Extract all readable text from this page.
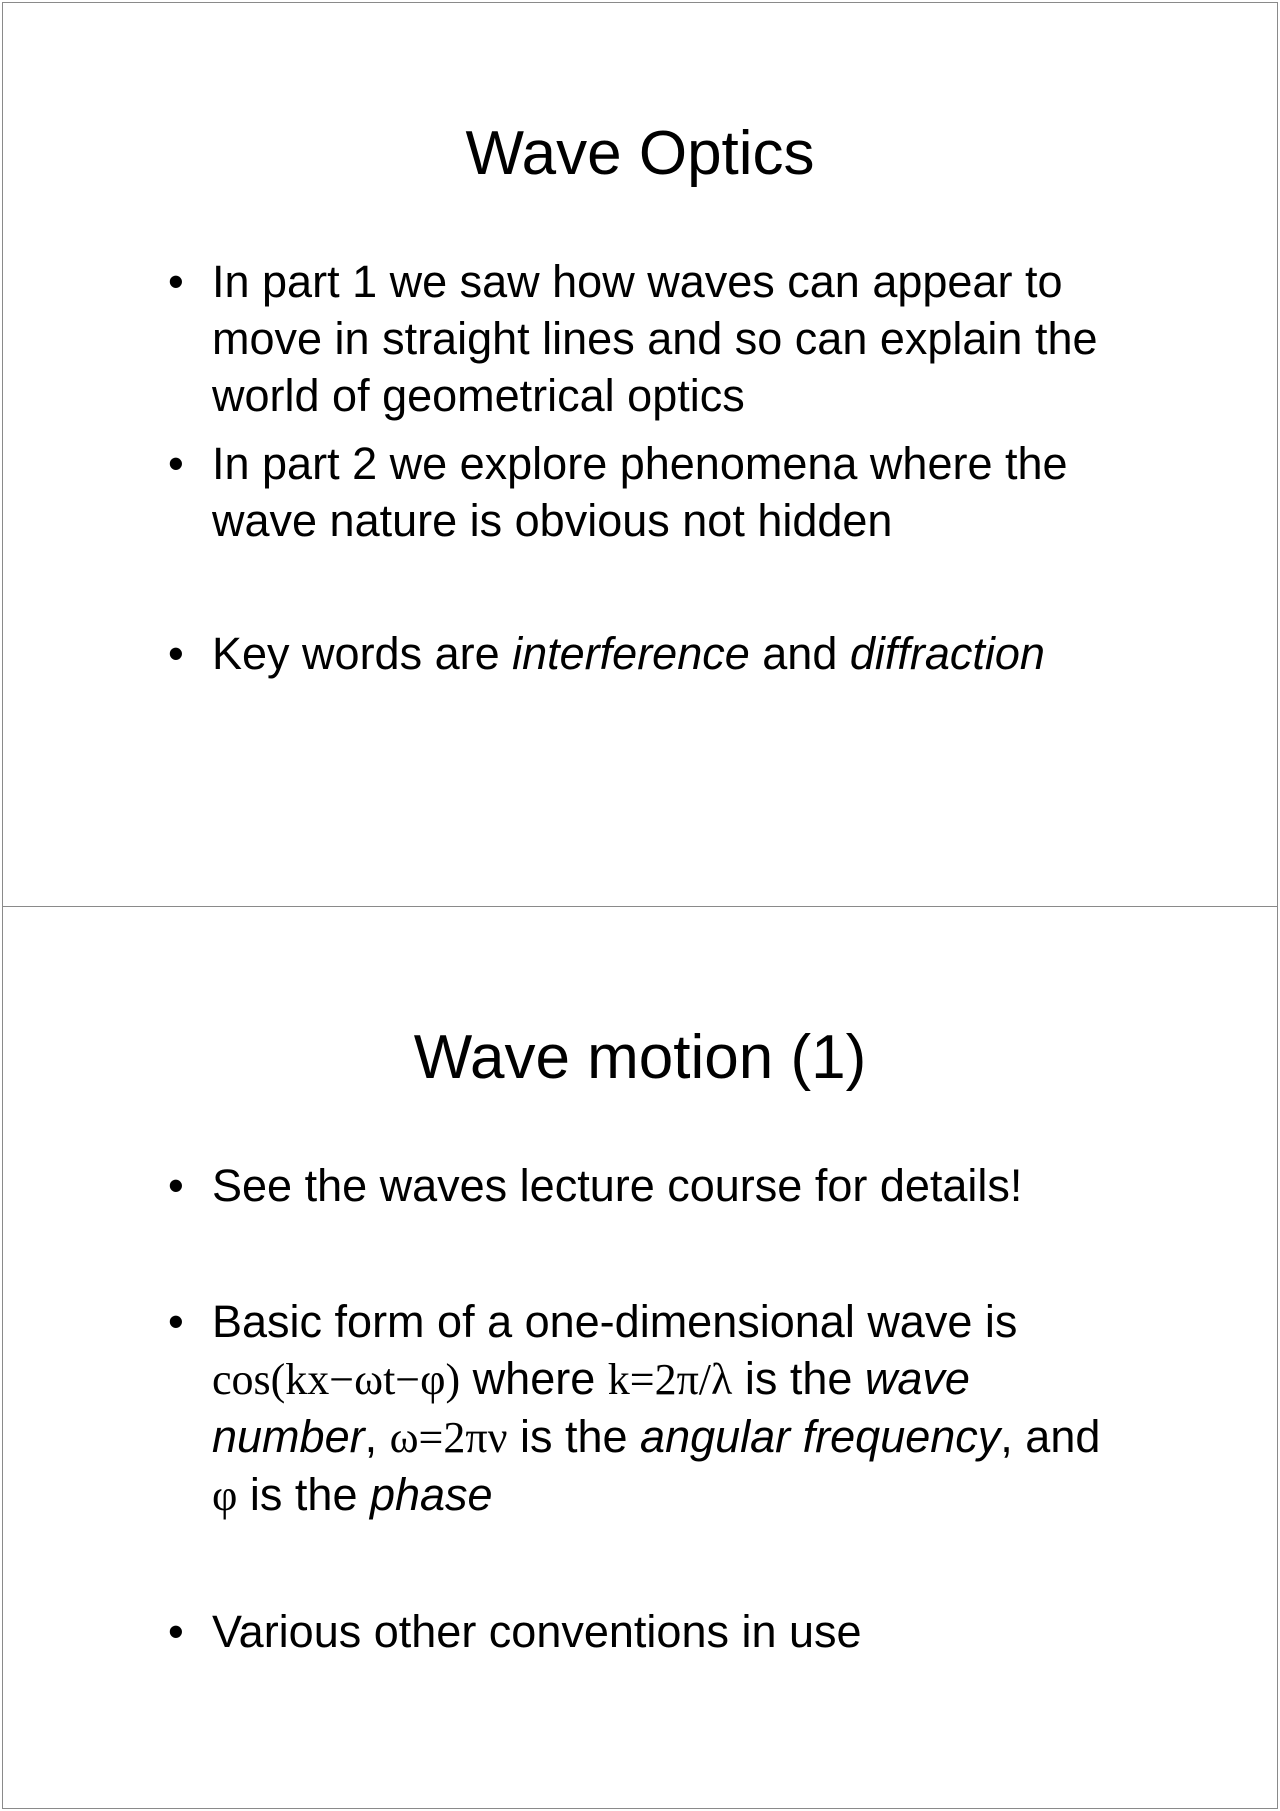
Wave Optics
• In part 1 we saw how waves can appear to move in straight lines and so can explain the world of geometrical optics
• In part 2 we explore phenomena where the wave nature is obvious not hidden
• Key words are interference and diffraction
Wave motion (1)
• See the waves lecture course for details!
• Basic form of a one-dimensional wave is cos(kx−ωt−φ) where k=2π/λ is the wave number, ω=2πν is the angular frequency, and φ is the phase
• Various other conventions in use
